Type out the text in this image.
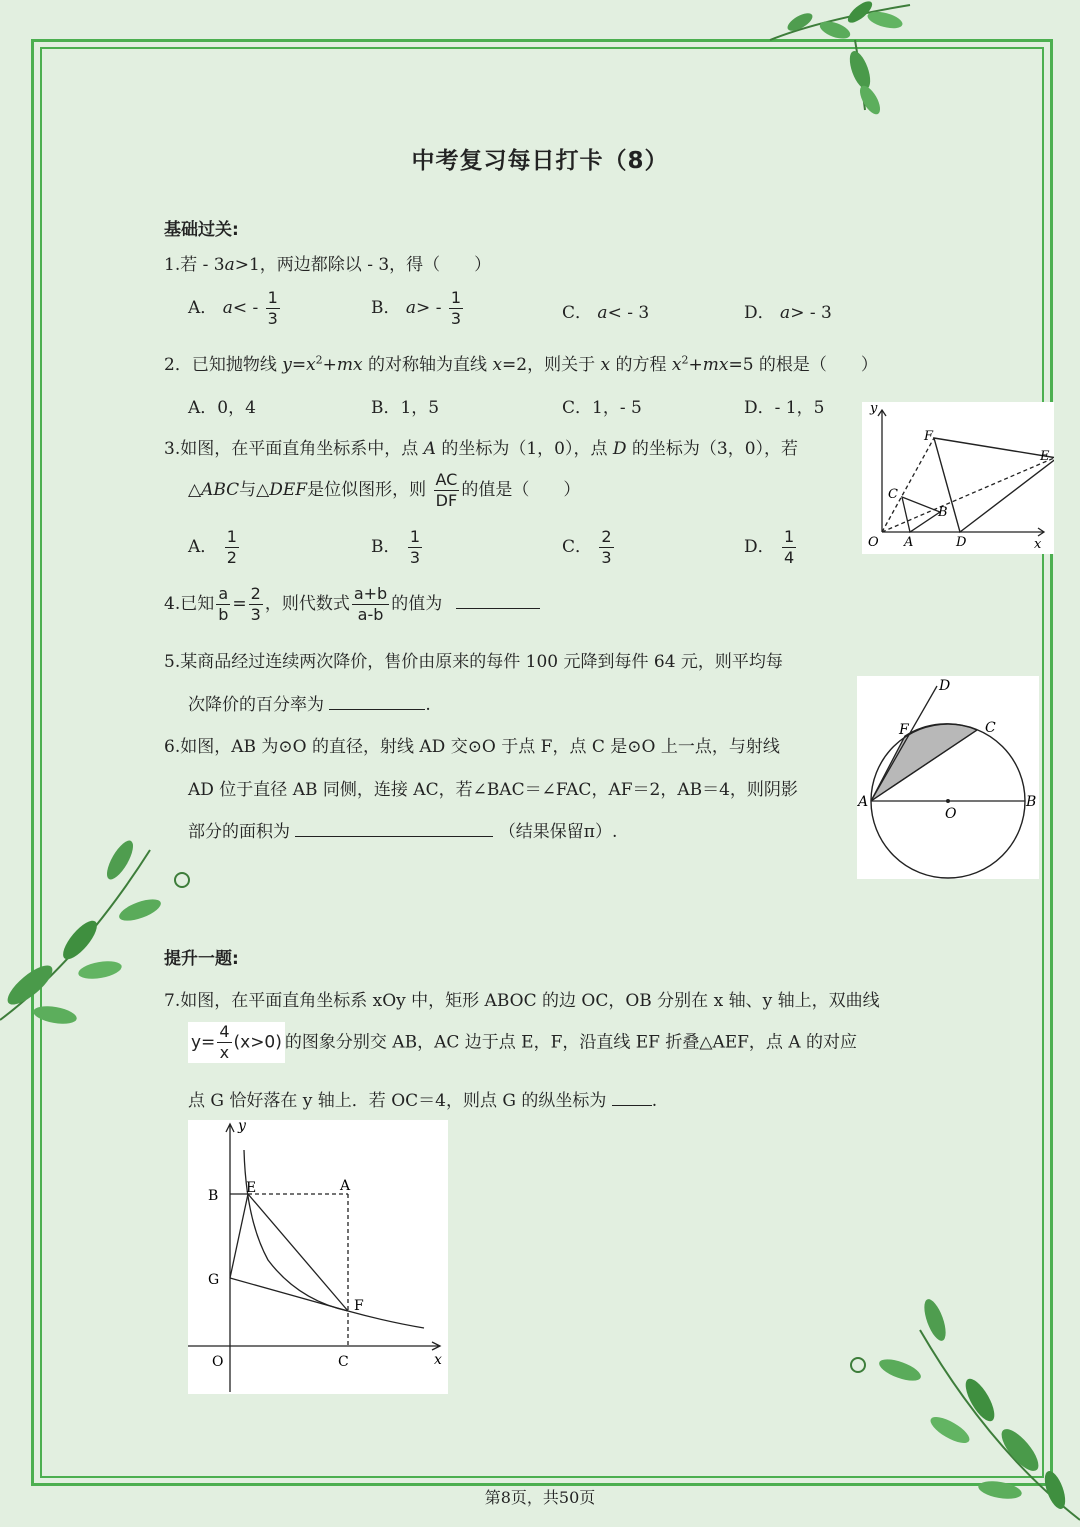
中考复习每日打卡（8）
基础过关:
1.若 - 3a>1，两边都除以 - 3，得（　　）
A． $a< - \frac{1}{3}$	B． $a> - \frac{1}{3}$	C． a< - 3	D． a> - 3
2．已知抛物线 $y=x^2+mx$ 的对称轴为直线 x=2，则关于 x 的方程 $x^2+mx=5$ 的根是（　　）
A．0，4	B．1，5	C．1，- 5	D．- 1，5
3.如图，在平面直角坐标系中，点 A 的坐标为（1，0），点 D 的坐标为（3，0），若
△ABC与△DEF是位似图形，则 $\frac{AC}{DF}$ 的值是（　　）
A． $\frac{1}{2}$	B． $\frac{1}{3}$	C． $\frac{2}{3}$	D． $\frac{1}{4}$
y
x
O A	D
B
C
F
E
4.已知 $\frac{a}{b} = \frac{2}{3}$ ，则代数式 $\frac{a+b}{a-b}$ 的值为
5.某商品经过连续两次降价，售价由原来的每件 100 元降到每件 64 元，则平均每
次降价的百分率为	.
6.如图，AB 为⊙O 的直径，射线 AD 交⊙O 于点 F，点 C 是⊙O 上一点，与射线
AD 位于直径 AB 同侧，连接 AC，若∠BAC＝∠FAC，AF＝2，AB＝4，则阴影
部分的面积为	（结果保留π）.
D
F	C
A
O
B
提升一题:
7.如图，在平面直角坐标系 xOy 中，矩形 ABOC 的边 OC，OB 分别在 x 轴、y 轴上，双曲线
$y= \frac{4}{x} (x>0)$ 的图象分别交 AB，AC 边于点 E，F，沿直线 EF 折叠△AEF，点 A 的对应
点 G 恰好落在 y 轴上．若 OC＝4，则点 G 的纵坐标为	.
y
x
O
B E	A
G
F
C
第8页，共50页
